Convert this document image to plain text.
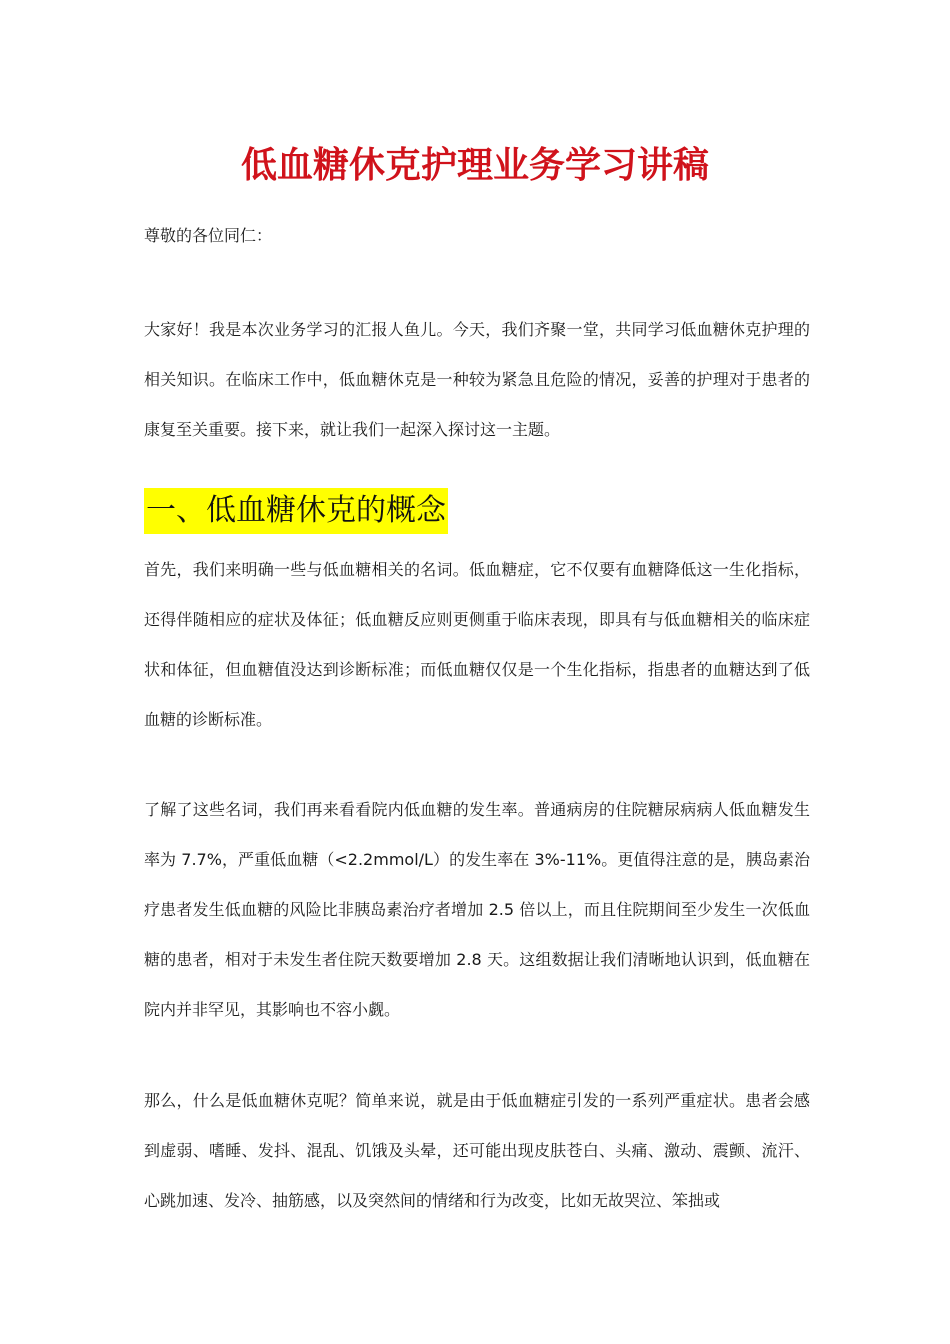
低血糖休克护理业务学习讲稿
尊敬的各位同仁：
大家好！我是本次业务学习的汇报人鱼儿。今天，我们齐聚一堂，共同学习低血糖休克护理的相关知识。在临床工作中，低血糖休克是一种较为紧急且危险的情况，妥善的护理对于患者的康复至关重要。接下来，就让我们一起深入探讨这一主题。
一、低血糖休克的概念
首先，我们来明确一些与低血糖相关的名词。低血糖症，它不仅要有血糖降低这一生化指标，还得伴随相应的症状及体征；低血糖反应则更侧重于临床表现，即具有与低血糖相关的临床症状和体征，但血糖值没达到诊断标准；而低血糖仅仅是一个生化指标，指患者的血糖达到了低血糖的诊断标准。
了解了这些名词，我们再来看看院内低血糖的发生率。普通病房的住院糖尿病病人低血糖发生率为 7.7%，严重低血糖（<2.2mmol/L）的发生率在 3%-11%。更值得注意的是，胰岛素治疗患者发生低血糖的风险比非胰岛素治疗者增加 2.5 倍以上，而且住院期间至少发生一次低血糖的患者，相对于未发生者住院天数要增加 2.8 天。这组数据让我们清晰地认识到，低血糖在院内并非罕见，其影响也不容小觑。
那么，什么是低血糖休克呢？简单来说，就是由于低血糖症引发的一系列严重症状。患者会感到虚弱、嗜睡、发抖、混乱、饥饿及头晕，还可能出现皮肤苍白、头痛、激动、震颤、流汗、心跳加速、发冷、抽筋感，以及突然间的情绪和行为改变，比如无故哭泣、笨拙或
